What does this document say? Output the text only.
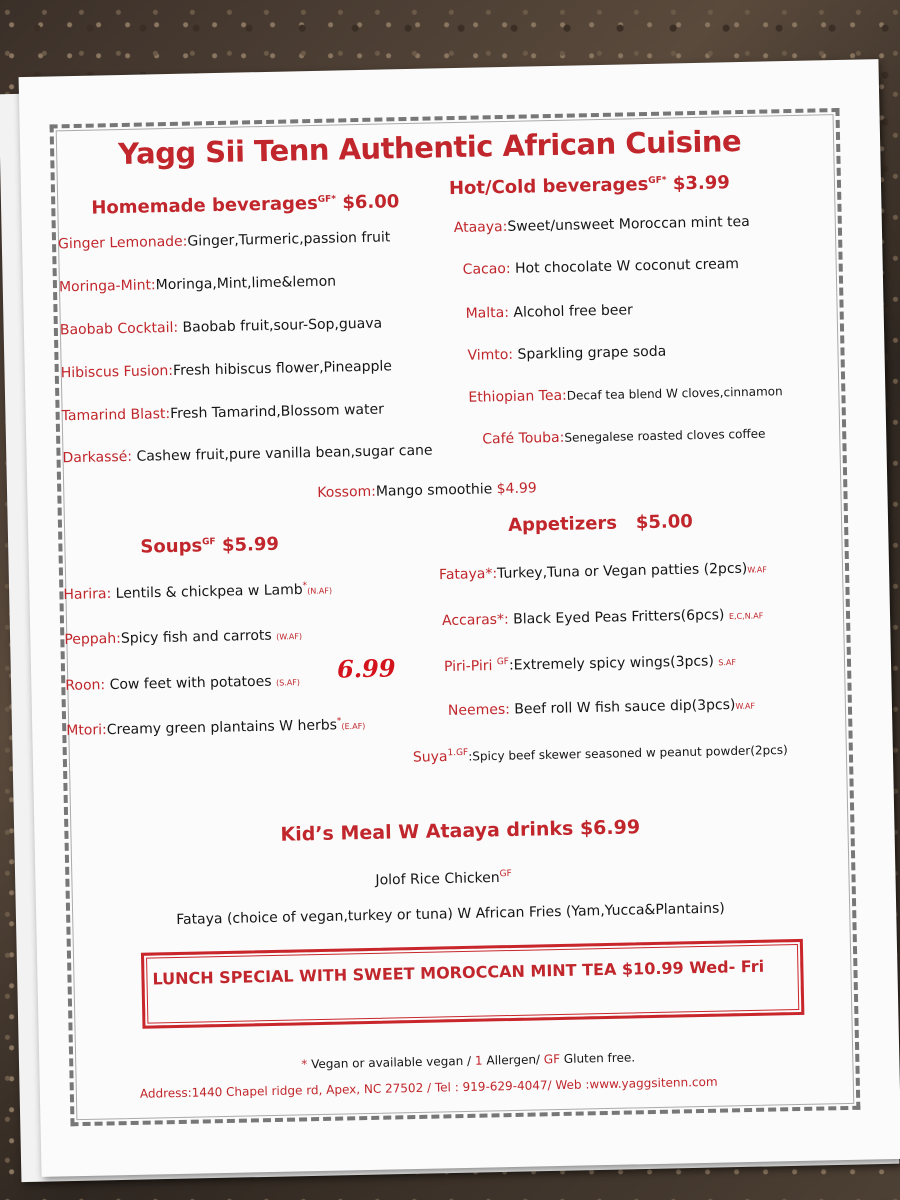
Yagg Sii Tenn Authentic African Cuisine
Homemade beverages$^{GF*}$ $6.00
Ginger Lemonade:Ginger,Turmeric,passion fruit
Moringa-Mint:Moringa,Mint,lime&lemon
Baobab Cocktail: Baobab fruit,sour-Sop,guava
Hibiscus Fusion:Fresh hibiscus flower,Pineapple
Tamarind Blast:Fresh Tamarind,Blossom water
Darkassé: Cashew fruit,pure vanilla bean,sugar cane
Hot/Cold beverages$^{GF*}$ $3.99
Ataaya:Sweet/unsweet Moroccan mint tea
Cacao: Hot chocolate W coconut cream
Malta: Alcohol free beer
Vimto: Sparkling grape soda
Ethiopian Tea:Decaf tea blend W cloves,cinnamon
Café Touba:Senegalese roasted cloves coffee
Kossom:Mango smoothie $4.99
Soups$^{GF}$ $5.99
Harira: Lentils & chickpea w Lamb*(N.AF)
Peppah:Spicy fish and carrots (W.AF)
Roon: Cow feet with potatoes (S.AF)
Mtori:Creamy green plantains W herbs*(E.AF)
6.99
Appetizers $5.00
Fataya*:Turkey,Tuna or Vegan patties (2pcs)W.AF
Accaras*: Black Eyed Peas Fritters(6pcs) E,C,N.AF
Piri-Piri $^{GF}$:Extremely spicy wings(3pcs) S.AF
Neemes: Beef roll W fish sauce dip(3pcs)W.AF
Suya$^{1.GF}$:Spicy beef skewer seasoned w peanut powder(2pcs)
Kid’s Meal W Ataaya drinks $6.99
Jolof Rice Chicken$^{GF}$
Fataya (choice of vegan,turkey or tuna) W African Fries (Yam,Yucca&Plantains)
LUNCH SPECIAL WITH SWEET MOROCCAN MINT TEA $10.99 Wed- Fri
* Vegan or available vegan / 1 Allergen/ GF Gluten free.
Address:1440 Chapel ridge rd, Apex, NC 27502 / Tel : 919-629-4047/ Web :www.yaggsitenn.com
